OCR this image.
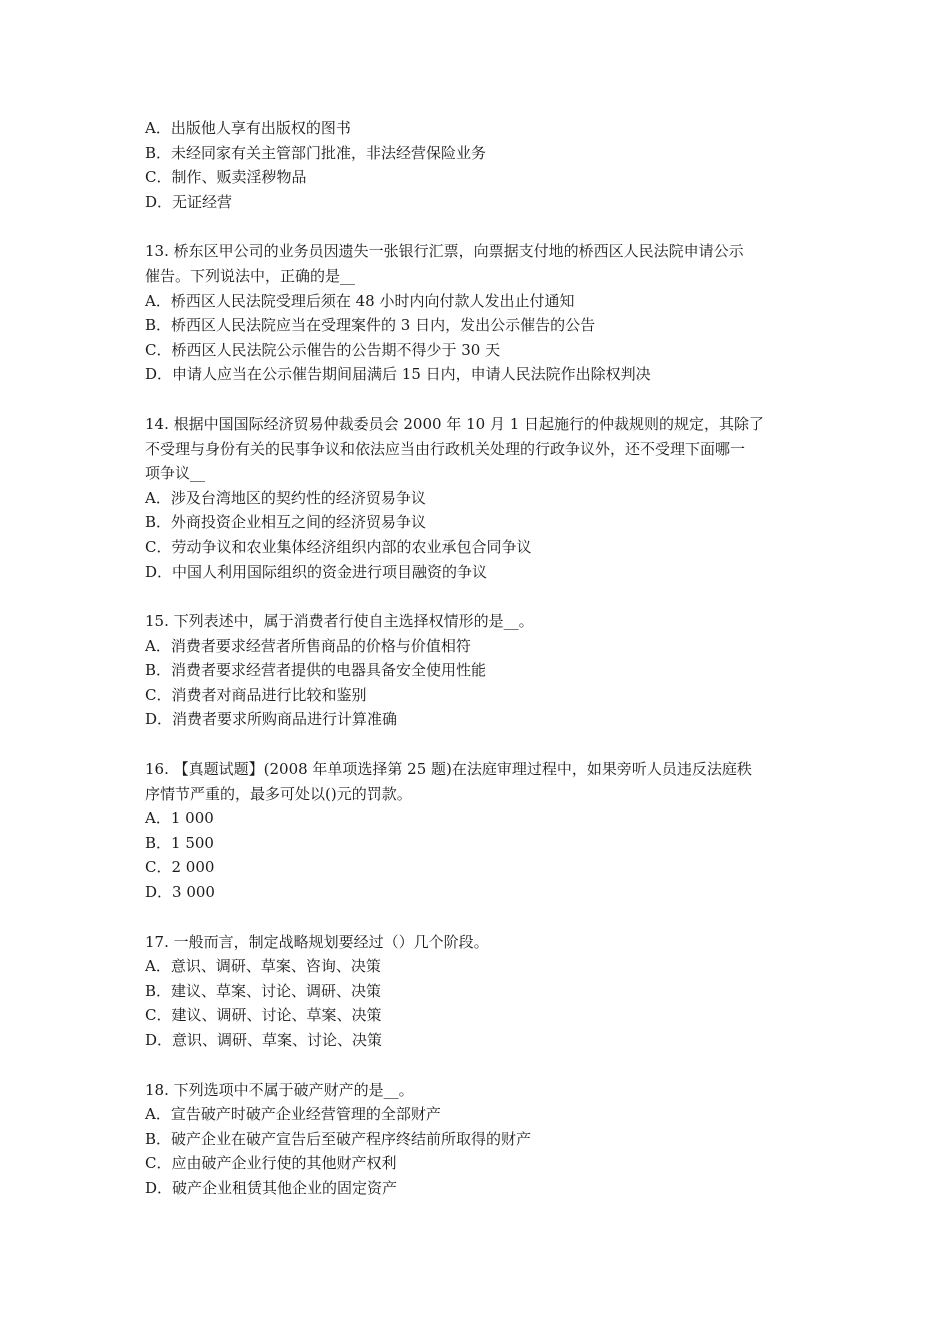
A．出版他人享有出版权的图书
B．未经同家有关主管部门批准，非法经营保险业务
C．制作、贩卖淫秽物品
D．无证经营
13. 桥东区甲公司的业务员因遗失一张银行汇票，向票据支付地的桥西区人民法院申请公示
催告。下列说法中，正确的是__
A．桥西区人民法院受理后须在 48 小时内向付款人发出止付通知
B．桥西区人民法院应当在受理案件的 3 日内，发出公示催告的公告
C．桥西区人民法院公示催告的公告期不得少于 30 天
D．申请人应当在公示催告期间届满后 15 日内，申请人民法院作出除权判决
14. 根据中国国际经济贸易仲裁委员会 2000 年 10 月 1 日起施行的仲裁规则的规定，其除了
不受理与身份有关的民事争议和依法应当由行政机关处理的行政争议外，还不受理下面哪一
项争议__
A．涉及台湾地区的契约性的经济贸易争议
B．外商投资企业相互之间的经济贸易争议
C．劳动争议和农业集体经济组织内部的农业承包合同争议
D．中国人利用国际组织的资金进行项目融资的争议
15. 下列表述中，属于消费者行使自主选择权情形的是__。
A．消费者要求经营者所售商品的价格与价值相符
B．消费者要求经营者提供的电器具备安全使用性能
C．消费者对商品进行比较和鉴别
D．消费者要求所购商品进行计算准确
16. 【真题试题】(2008 年单项选择第 25 题)在法庭审理过程中，如果旁听人员违反法庭秩
序情节严重的，最多可处以()元的罚款。
A．1 000
B．1 500
C．2 000
D．3 000
17. 一般而言，制定战略规划要经过（）几个阶段。
A．意识、调研、草案、咨询、决策
B．建议、草案、讨论、调研、决策
C．建议、调研、讨论、草案、决策
D．意识、调研、草案、讨论、决策
18. 下列选项中不属于破产财产的是__。
A．宣告破产时破产企业经营管理的全部财产
B．破产企业在破产宣告后至破产程序终结前所取得的财产
C．应由破产企业行使的其他财产权利
D．破产企业租赁其他企业的固定资产
